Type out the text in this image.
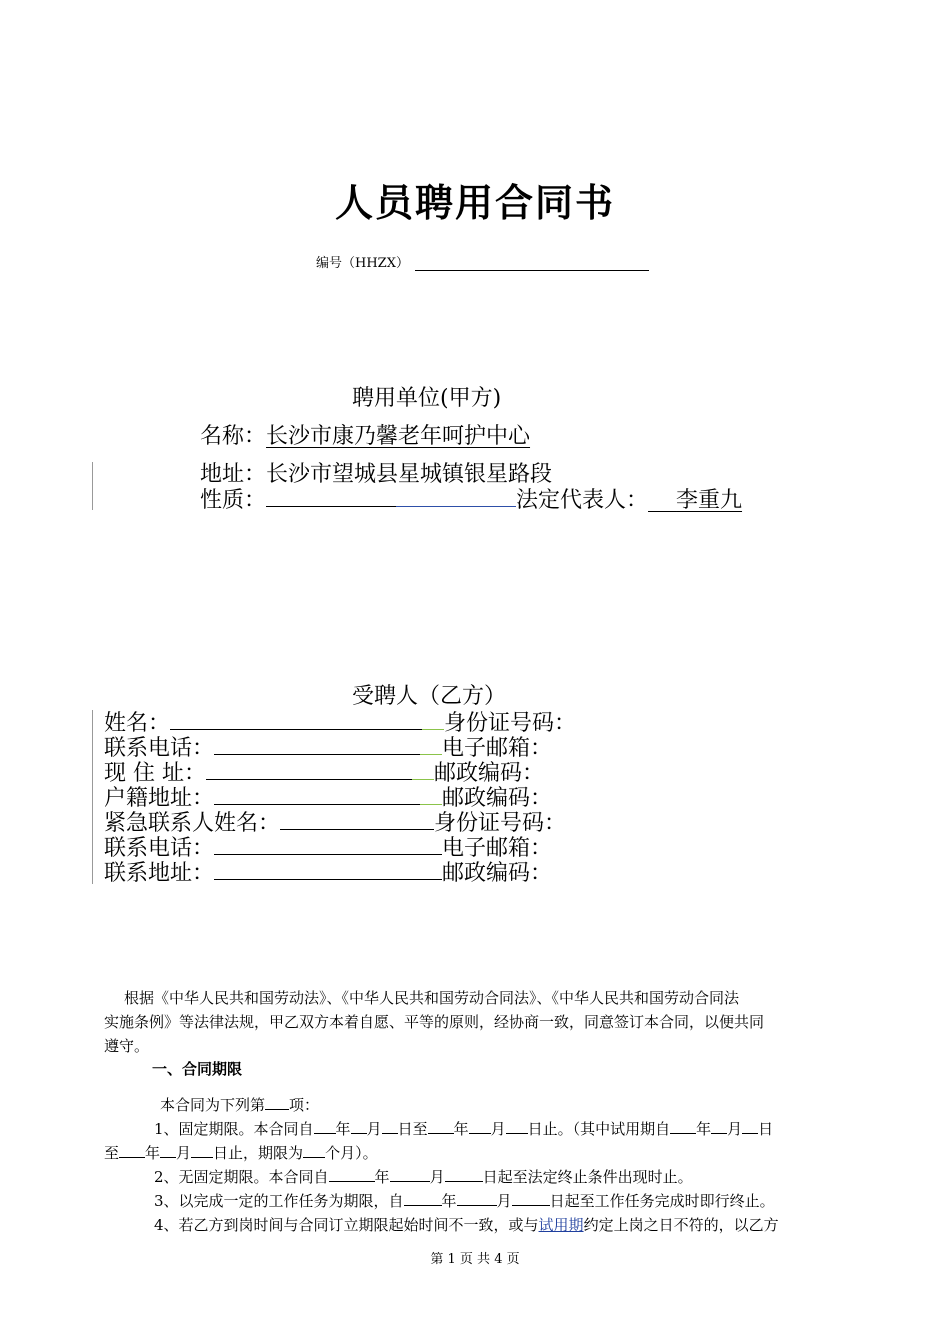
人员聘用合同书
编号（HHZX）
聘用单位(甲方)
名称：长沙市康乃馨老年呵护中心
地址：长沙市望城县星城镇银星路段
性质：	法定代表人： 李重九
受聘人（乙方）
姓名：	身份证号码：
联系电话：	电子邮箱：
现 住 址：	邮政编码：
户籍地址：	邮政编码：
紧急联系人姓名：	身份证号码：
联系电话：	电子邮箱：
联系地址：	邮政编码：
根据《中华人民共和国劳动法》、《中华人民共和国劳动合同法》、《中华人民共和国劳动合同法
实施条例》等法律法规，甲乙双方本着自愿、平等的原则，经协商一致，同意签订本合同，以便共同
遵守。
一、合同期限
本合同为下列第 项：
1、固定期限。本合同自 年 月 日至 年 月 日止。（其中试用期自 年 月 日
至 年 月 日止，期限为 个月）。
2、无固定期限。本合同自	年	月	日起至法定终止条件出现时止。
3、以完成一定的工作任务为期限，自	年	月	日起至工作任务完成时即行终止。
4、若乙方到岗时间与合同订立期限起始时间不一致，或与试用期约定上岗之日不符的，以乙方
第 1 页 共 4 页
